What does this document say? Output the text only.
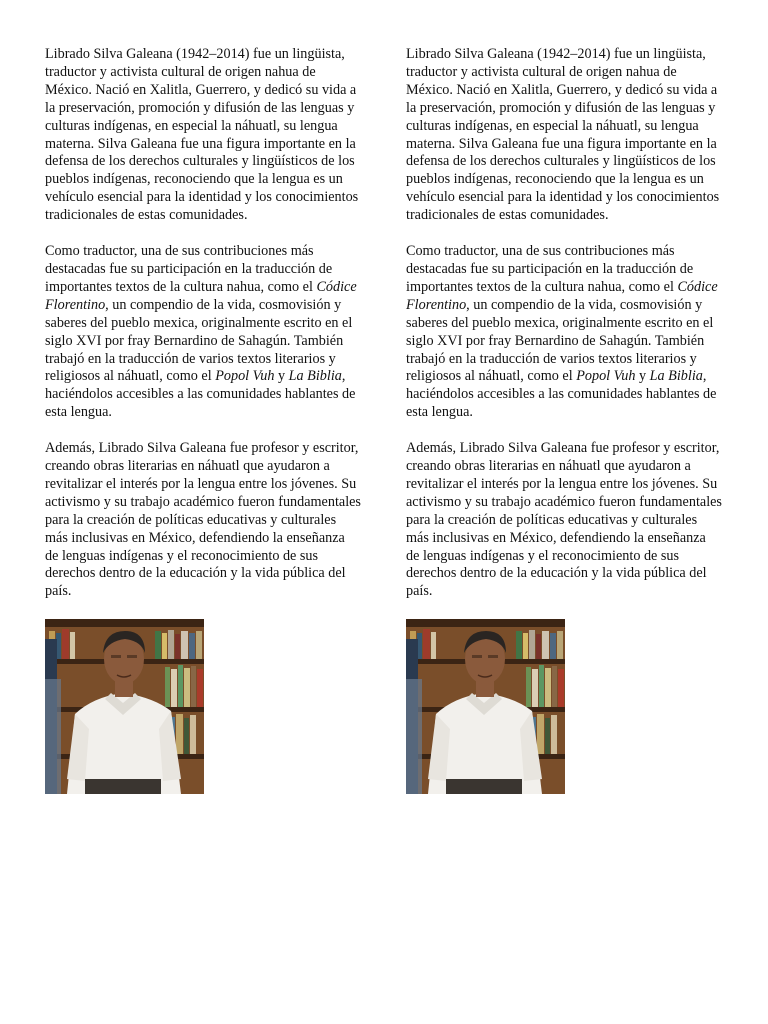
Librado Silva Galeana (1942–2014) fue un lingüista, traductor y activista cultural de origen nahua de México. Nació en Xalitla, Guerrero, y dedicó su vida a la preservación, promoción y difusión de las lenguas y culturas indígenas, en especial la náhuatl, su lengua materna. Silva Galeana fue una figura importante en la defensa de los derechos culturales y lingüísticos de los pueblos indígenas, reconociendo que la lengua es un vehículo esencial para la identidad y los conocimientos tradicionales de estas comunidades.

Como traductor, una de sus contribuciones más destacadas fue su participación en la traducción de importantes textos de la cultura nahua, como el Códice Florentino, un compendio de la vida, cosmovisión y saberes del pueblo mexica, originalmente escrito en el siglo XVI por fray Bernardino de Sahagún. También trabajó en la traducción de varios textos literarios y religiosos al náhuatl, como el Popol Vuh y La Biblia, haciéndolos accesibles a las comunidades hablantes de esta lengua.

Además, Librado Silva Galeana fue profesor y escritor, creando obras literarias en náhuatl que ayudaron a revitalizar el interés por la lengua entre los jóvenes. Su activismo y su trabajo académico fueron fundamentales para la creación de políticas educativas y culturales más inclusivas en México, defendiendo la enseñanza de lenguas indígenas y el reconocimiento de sus derechos dentro de la educación y la vida pública del país.

Librado Silva Galeana (1942–2014) fue un lingüista, traductor y activista cultural de origen nahua de México. Nació en Xalitla, Guerrero, y dedicó su vida a la preservación, promoción y difusión de las lenguas y culturas indígenas, en especial la náhuatl, su lengua materna. Silva Galeana fue una figura importante en la defensa de los derechos culturales y lingüísticos de los pueblos indígenas, reconociendo que la lengua es un vehículo esencial para la identidad y los conocimientos tradicionales de estas comunidades.

Como traductor, una de sus contribuciones más destacadas fue su participación en la traducción de importantes textos de la cultura nahua, como el Códice Florentino, un compendio de la vida, cosmovisión y saberes del pueblo mexica, originalmente escrito en el siglo XVI por fray Bernardino de Sahagún. También trabajó en la traducción de varios textos literarios y religiosos al náhuatl, como el Popol Vuh y La Biblia, haciéndolos accesibles a las comunidades hablantes de esta lengua.

Además, Librado Silva Galeana fue profesor y escritor, creando obras literarias en náhuatl que ayudaron a revitalizar el interés por la lengua entre los jóvenes. Su activismo y su trabajo académico fueron fundamentales para la creación de políticas educativas y culturales más inclusivas en México, defendiendo la enseñanza de lenguas indígenas y el reconocimiento de sus derechos dentro de la educación y la vida pública del país.
